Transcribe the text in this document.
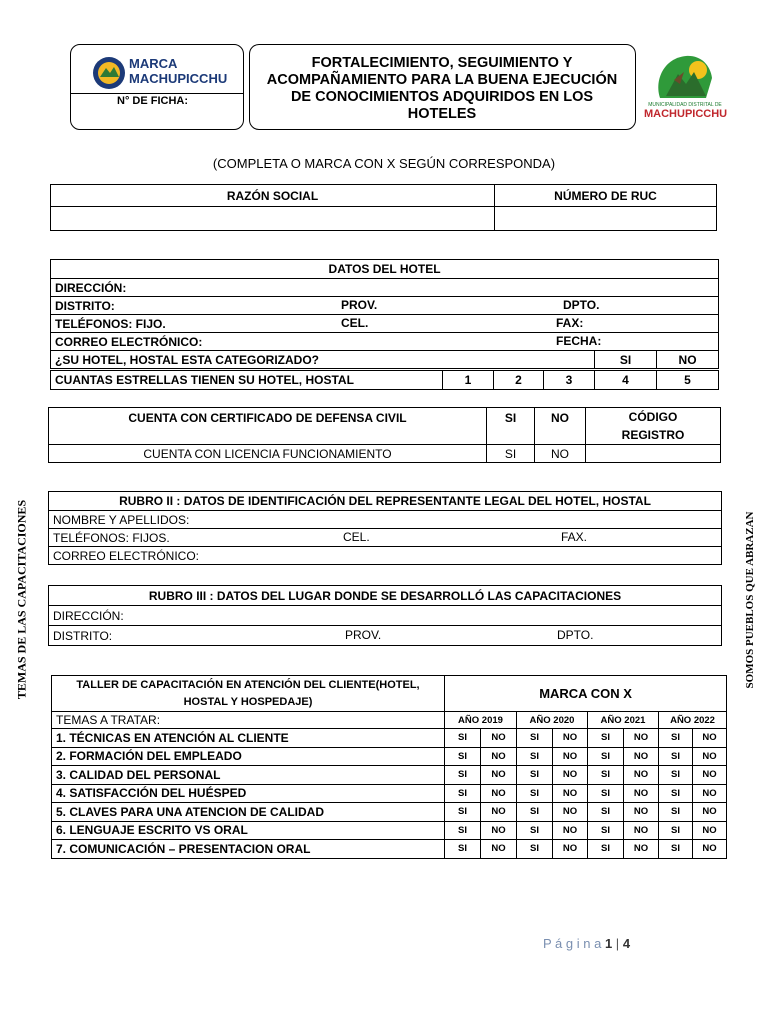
MARCA
MACHUPICCHU
N° DE FICHA:
FORTALECIMIENTO, SEGUIMIENTO Y ACOMPAÑAMIENTO PARA LA BUENA EJECUCIÓN DE CONOCIMIENTOS ADQUIRIDOS EN LOS HOTELES
MUNICIPALIDAD DISTRITAL DE
MACHUPICCHU
(COMPLETA O MARCA CON X SEGÚN CORRESPONDA)
RAZÓN SOCIAL	NÚMERO DE RUC

DATOS DEL HOTEL
DIRECCIÓN:
DISTRITO:	PROV.	DPTO.

TELÉFONOS: FIJO.	CEL.	FAX:

CORREO ELECTRÓNICO:	FECHA:

¿SU HOTEL, HOSTAL ESTA CATEGORIZADO?	SI	NO
CUANTAS ESTRELLAS TIENEN SU HOTEL, HOSTAL	1	2	3	4	5
CUENTA CON CERTIFICADO DE DEFENSA CIVIL	SI	NO	CÓDIGO
REGISTRO

CUENTA CON LICENCIA FUNCIONAMIENTO	SI	NO	
RUBRO II : DATOS DE IDENTIFICACIÓN DEL REPRESENTANTE LEGAL DEL HOTEL, HOSTAL
NOMBRE Y APELLIDOS:
TELÉFONOS: FIJOS.	CEL.	FAX.

CORREO ELECTRÓNICO:
RUBRO III : DATOS DEL LUGAR DONDE SE DESARROLLÓ LAS CAPACITACIONES
DIRECCIÓN:
DISTRITO:	PROV.	DPTO.
TALLER DE CAPACITACIÓN EN ATENCIÓN DEL CLIENTE(HOTEL,
HOSTAL Y HOSPEDAJE)	MARCA CON X							
TEMAS A TRATAR:	AÑO 2019		AÑO 2020		AÑO 2021		AÑO 2022	
1. TÉCNICAS EN ATENCIÓN AL CLIENTE	SI	NO	SI	NO	SI	NO	SI	NO
2. FORMACIÓN DEL EMPLEADO	SI	NO	SI	NO	SI	NO	SI	NO
3. CALIDAD DEL PERSONAL	SI	NO	SI	NO	SI	NO	SI	NO
4. SATISFACCIÓN DEL HUÉSPED	SI	NO	SI	NO	SI	NO	SI	NO
5. CLAVES PARA UNA ATENCION DE CALIDAD	SI	NO	SI	NO	SI	NO	SI	NO
6. LENGUAJE ESCRITO VS ORAL	SI	NO	SI	NO	SI	NO	SI	NO
7. COMUNICACIÓN – PRESENTACION ORAL	SI	NO	SI	NO	SI	NO	SI	NO
TEMAS DE LAS CAPACITACIONES	SOMOS PUEBLOS QUE ABRAZAN
P á g i n a 1 | 4
